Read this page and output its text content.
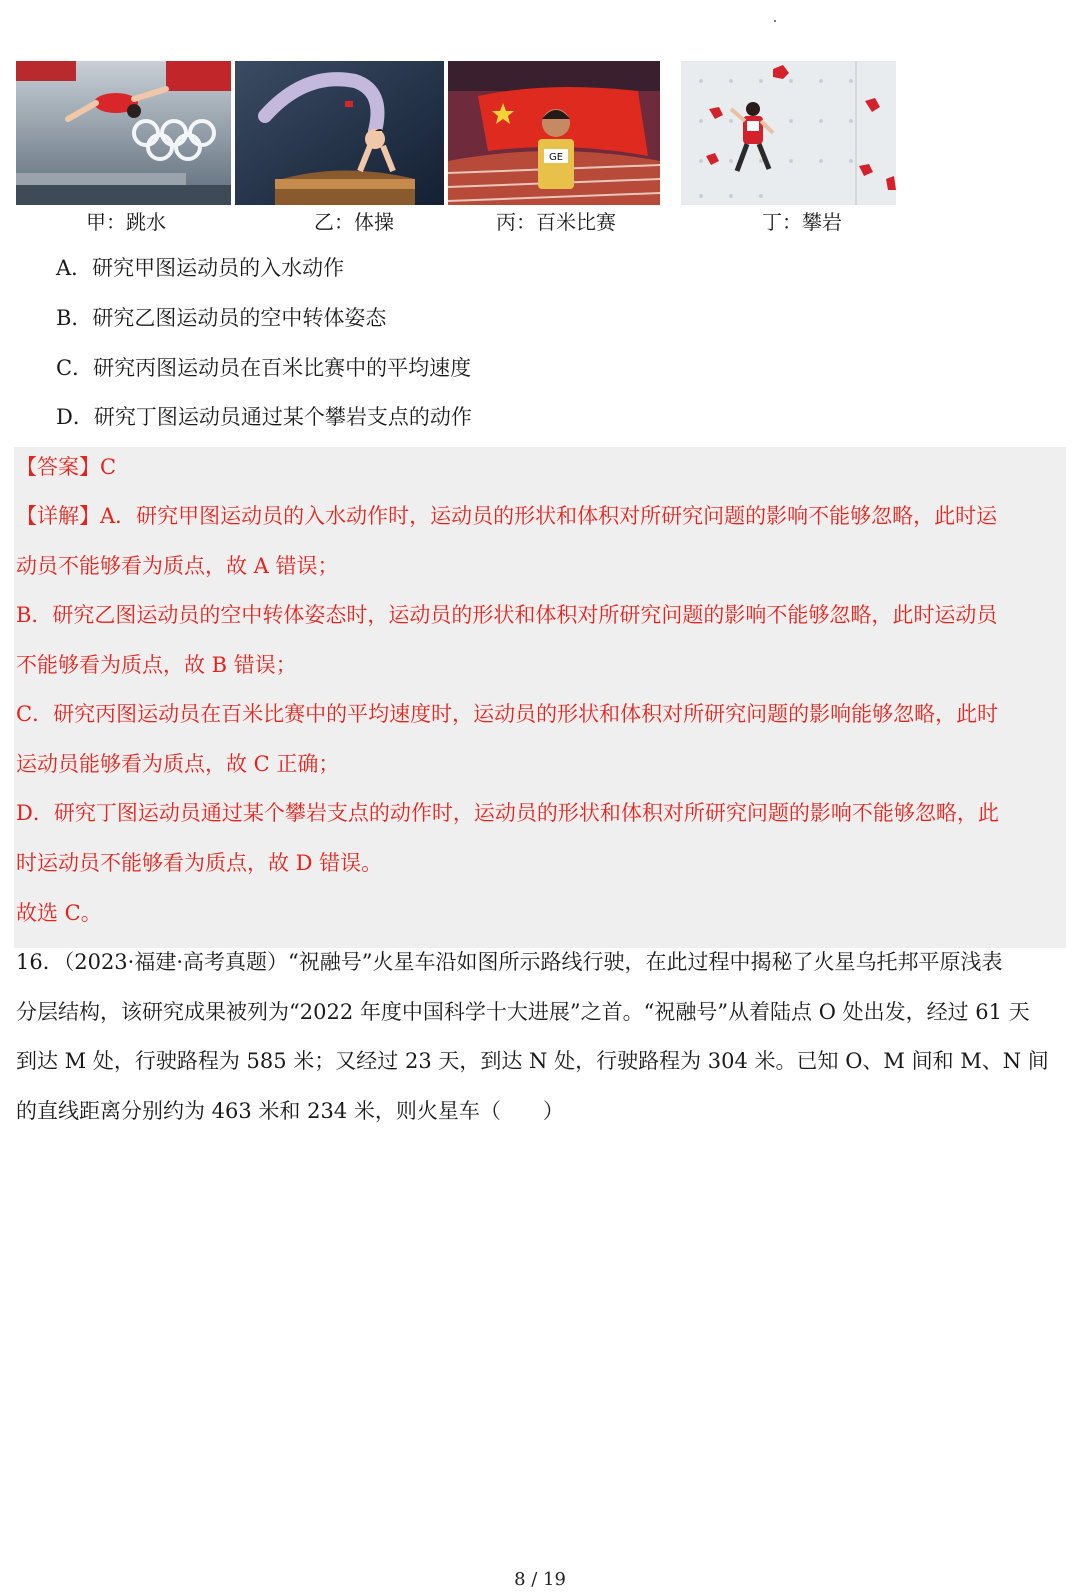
GE
甲：跳水	乙：体操	丙：百米比赛	丁：攀岩
A．研究甲图运动员的入水动作
B．研究乙图运动员的空中转体姿态
C．研究丙图运动员在百米比赛中的平均速度
D．研究丁图运动员通过某个攀岩支点的动作
【答案】C
【详解】A．研究甲图运动员的入水动作时，运动员的形状和体积对所研究问题的影响不能够忽略，此时运
动员不能够看为质点，故 A 错误；
B．研究乙图运动员的空中转体姿态时，运动员的形状和体积对所研究问题的影响不能够忽略，此时运动员
不能够看为质点，故 B 错误；
C．研究丙图运动员在百米比赛中的平均速度时，运动员的形状和体积对所研究问题的影响能够忽略，此时
运动员能够看为质点，故 C 正确；
D．研究丁图运动员通过某个攀岩支点的动作时，运动员的形状和体积对所研究问题的影响不能够忽略，此
时运动员不能够看为质点，故 D 错误。
故选 C。
16．（2023·福建·高考真题）“祝融号”火星车沿如图所示路线行驶，在此过程中揭秘了火星乌托邦平原浅表
分层结构，该研究成果被列为“2022 年度中国科学十大进展”之首。“祝融号”从着陆点 O 处出发，经过 61 天
到达 M 处，行驶路程为 585 米；又经过 23 天，到达 N 处，行驶路程为 304 米。已知 O、M 间和 M、N 间
的直线距离分别约为 463 米和 234 米，则火星车（　　）
8 / 19
